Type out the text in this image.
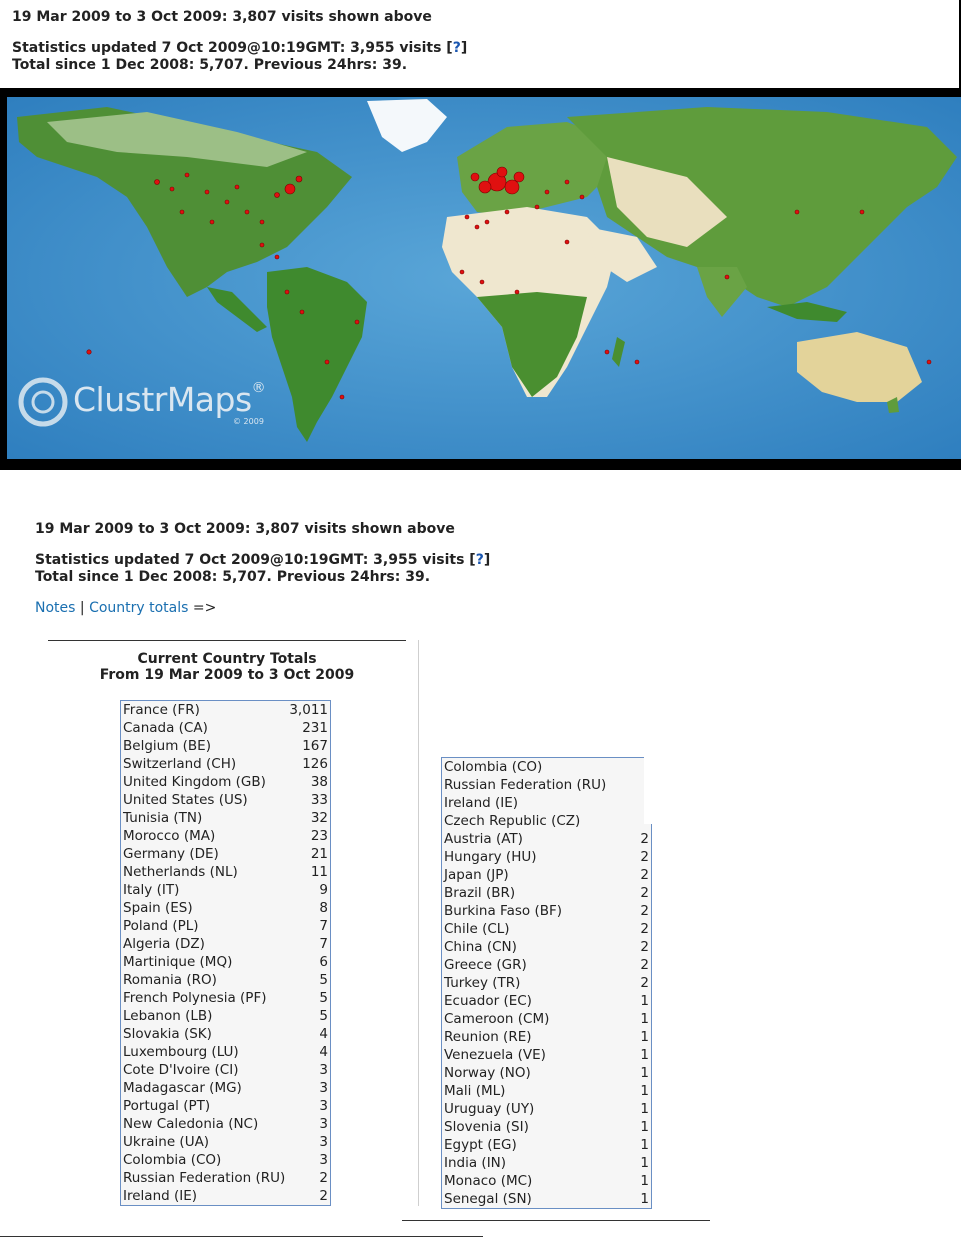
19 Mar 2009 to 3 Oct 2009: 3,807 visits shown above
Statistics updated 7 Oct 2009@10:19GMT: 3,955 visits [?]
Total since 1 Dec 2008: 5,707. Previous 24hrs: 39.
ClustrMaps®
© 2009
19 Mar 2009 to 3 Oct 2009: 3,807 visits shown above
Statistics updated 7 Oct 2009@10:19GMT: 3,955 visits [?]
Total since 1 Dec 2008: 5,707. Previous 24hrs: 39.
Notes | Country totals =>
Current Country Totals
From 19 Mar 2009 to 3 Oct 2009
France (FR)	3,011
Canada (CA)	231
Belgium (BE)	167
Switzerland (CH)	126
United Kingdom (GB)	38
United States (US)	33
Tunisia (TN)	32
Morocco (MA)	23
Germany (DE)	21
Netherlands (NL)	11
Italy (IT)	9
Spain (ES)	8
Poland (PL)	7
Algeria (DZ)	7
Martinique (MQ)	6
Romania (RO)	5
French Polynesia (PF)	5
Lebanon (LB)	5
Slovakia (SK)	4
Luxembourg (LU)	4
Cote D'Ivoire (CI)	3
Madagascar (MG)	3
Portugal (PT)	3
New Caledonia (NC)	3
Ukraine (UA)	3
Colombia (CO)	3
Russian Federation (RU)	2
Ireland (IE)	2
Colombia (CO)	
Russian Federation (RU)	
Ireland (IE)	
Czech Republic (CZ)	
Austria (AT)	2
Hungary (HU)	2
Japan (JP)	2
Brazil (BR)	2
Burkina Faso (BF)	2
Chile (CL)	2
China (CN)	2
Greece (GR)	2
Turkey (TR)	2
Ecuador (EC)	1
Cameroon (CM)	1
Reunion (RE)	1
Venezuela (VE)	1
Norway (NO)	1
Mali (ML)	1
Uruguay (UY)	1
Slovenia (SI)	1
Egypt (EG)	1
India (IN)	1
Monaco (MC)	1
Senegal (SN)	1
